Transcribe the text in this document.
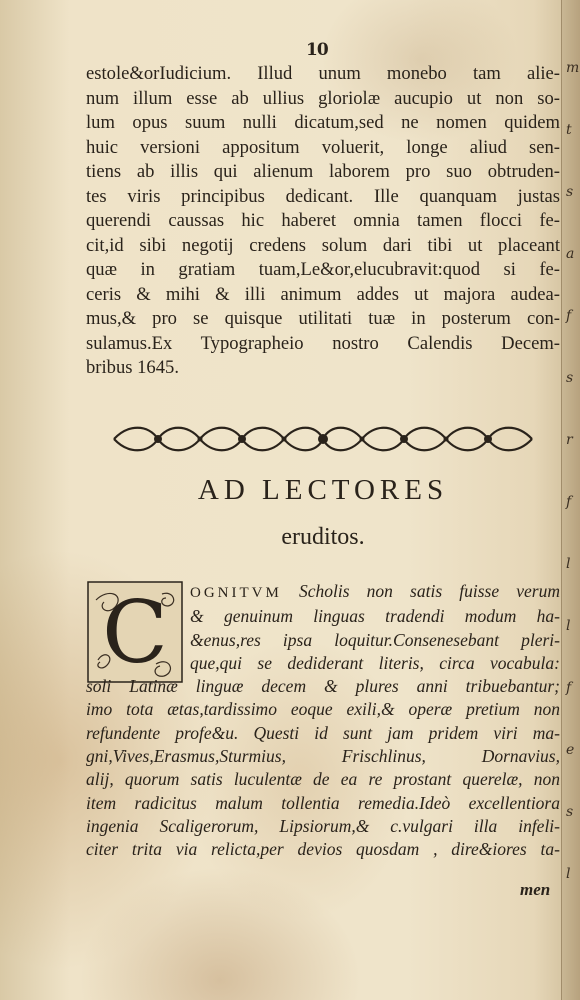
m
t
s
a
f
s
r
f
l
l
f
e
s
l
10
estole&orIudicium. Illud unum monebo tam alie-
num illum esse ab ullius gloriolæ aucupio ut non so-
lum opus suum nulli dicatum,sed ne nomen quidem
huic versioni appositum voluerit, longe aliud sen-
tiens ab illis qui alienum laborem pro suo obtruden-
tes viris principibus dedicant. Ille quanquam justas
querendi caussas hic haberet omnia tamen flocci fe-
cit,id sibi negotij credens solum dari tibi ut placeant
quæ in gratiam tuam,Le&or,elucubravit:quod si fe-
ceris & mihi & illi animum addes ut majora audea-
mus,& pro se quisque utilitati tuæ in posterum con-
sulamus.Ex Typographeio nostro Calendis Decem-
bribus 1645.
AD LECTORES
eruditos.
C	OGNITVM Scholis non satis fuisse verum
& genuinum linguas tradendi modum ha-
&enus,res ipsa loquitur.Consenesebant pleri-
que,qui se dediderant literis, circa vocabula:
soli Latinæ linguæ decem & plures anni tribuebantur;
imo tota ætas,tardissimo eoque exili,& operæ pretium non
refundente profe&u. Questi id sunt jam pridem viri ma-
gni,Vives,Erasmus,Sturmius, Frischlinus, Dornavius,
alij, quorum satis luculentæ de ea re prostant querelæ, non
item radicitus malum tollentia remedia.Ideò excellentiora
ingenia Scaligerorum, Lipsiorum,& c.vulgari illa infeli-
citer trita via relicta,per devios quosdam , dire&iores ta-
men
